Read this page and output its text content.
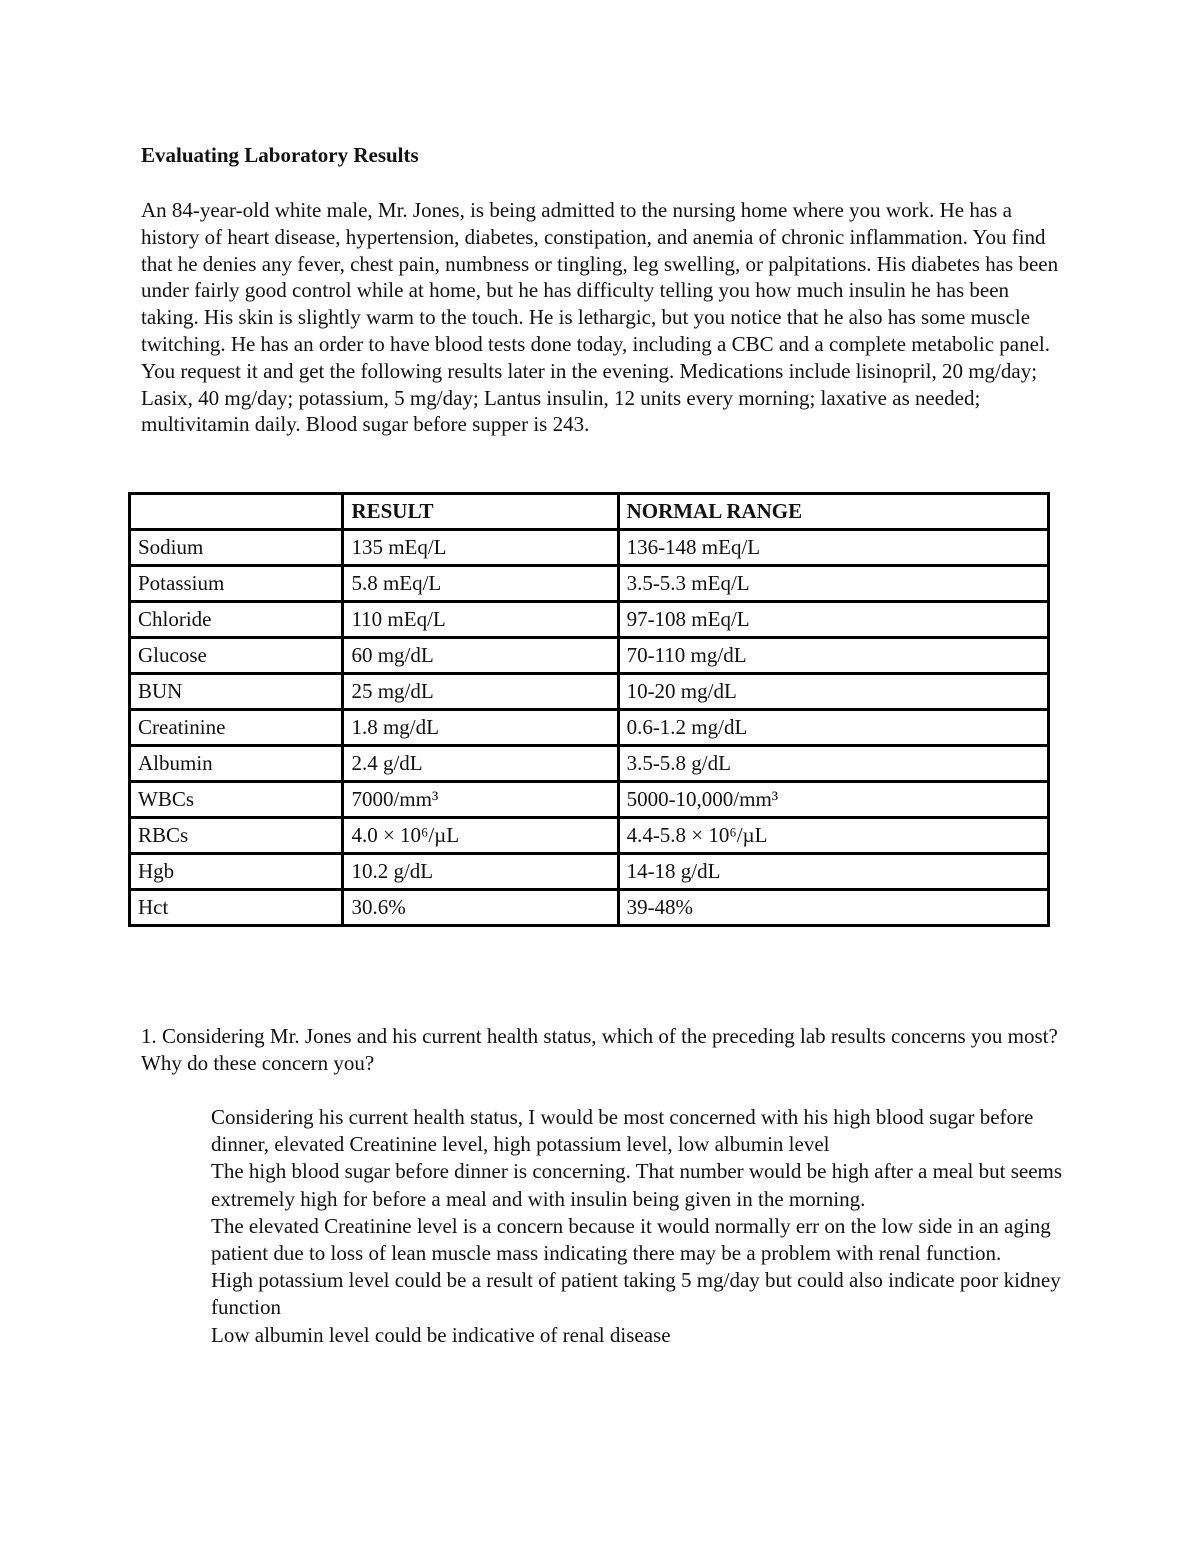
Evaluating Laboratory Results

An 84-year-old white male, Mr. Jones, is being admitted to the nursing home where you work. He has a history of heart disease, hypertension, diabetes, constipation, and anemia of chronic inflammation. You find that he denies any fever, chest pain, numbness or tingling, leg swelling, or palpitations. His diabetes has been under fairly good control while at home, but he has difficulty telling you how much insulin he has been taking. His skin is slightly warm to the touch. He is lethargic, but you notice that he also has some muscle twitching. He has an order to have blood tests done today, including a CBC and a complete metabolic panel. You request it and get the following results later in the evening. Medications include lisinopril, 20 mg/day; Lasix, 40 mg/day; potassium, 5 mg/day; Lantus insulin, 12 units every morning; laxative as needed; multivitamin daily. Blood sugar before supper is 243.

	RESULT	NORMAL RANGE
Sodium	135 mEq/L	136-148 mEq/L
Potassium	5.8 mEq/L	3.5-5.3 mEq/L
Chloride	110 mEq/L	97-108 mEq/L
Glucose	60 mg/dL	70-110 mg/dL
BUN	25 mg/dL	10-20 mg/dL
Creatinine	1.8 mg/dL	0.6-1.2 mg/dL
Albumin	2.4 g/dL	3.5-5.8 g/dL
WBCs	7000/mm³	5000-10,000/mm³
RBCs	4.0 × 10⁶/µL	4.4-5.8 × 10⁶/µL
Hgb	10.2 g/dL	14-18 g/dL
Hct	30.6%	39-48%

1. Considering Mr. Jones and his current health status, which of the preceding lab results concerns you most? Why do these concern you?

Considering his current health status, I would be most concerned with his high blood sugar before dinner, elevated Creatinine level, high potassium level, low albumin level

The high blood sugar before dinner is concerning. That number would be high after a meal but seems extremely high for before a meal and with insulin being given in the morning.

The elevated Creatinine level is a concern because it would normally err on the low side in an aging patient due to loss of lean muscle mass indicating there may be a problem with renal function.

High potassium level could be a result of patient taking 5 mg/day but could also indicate poor kidney function

Low albumin level could be indicative of renal disease
